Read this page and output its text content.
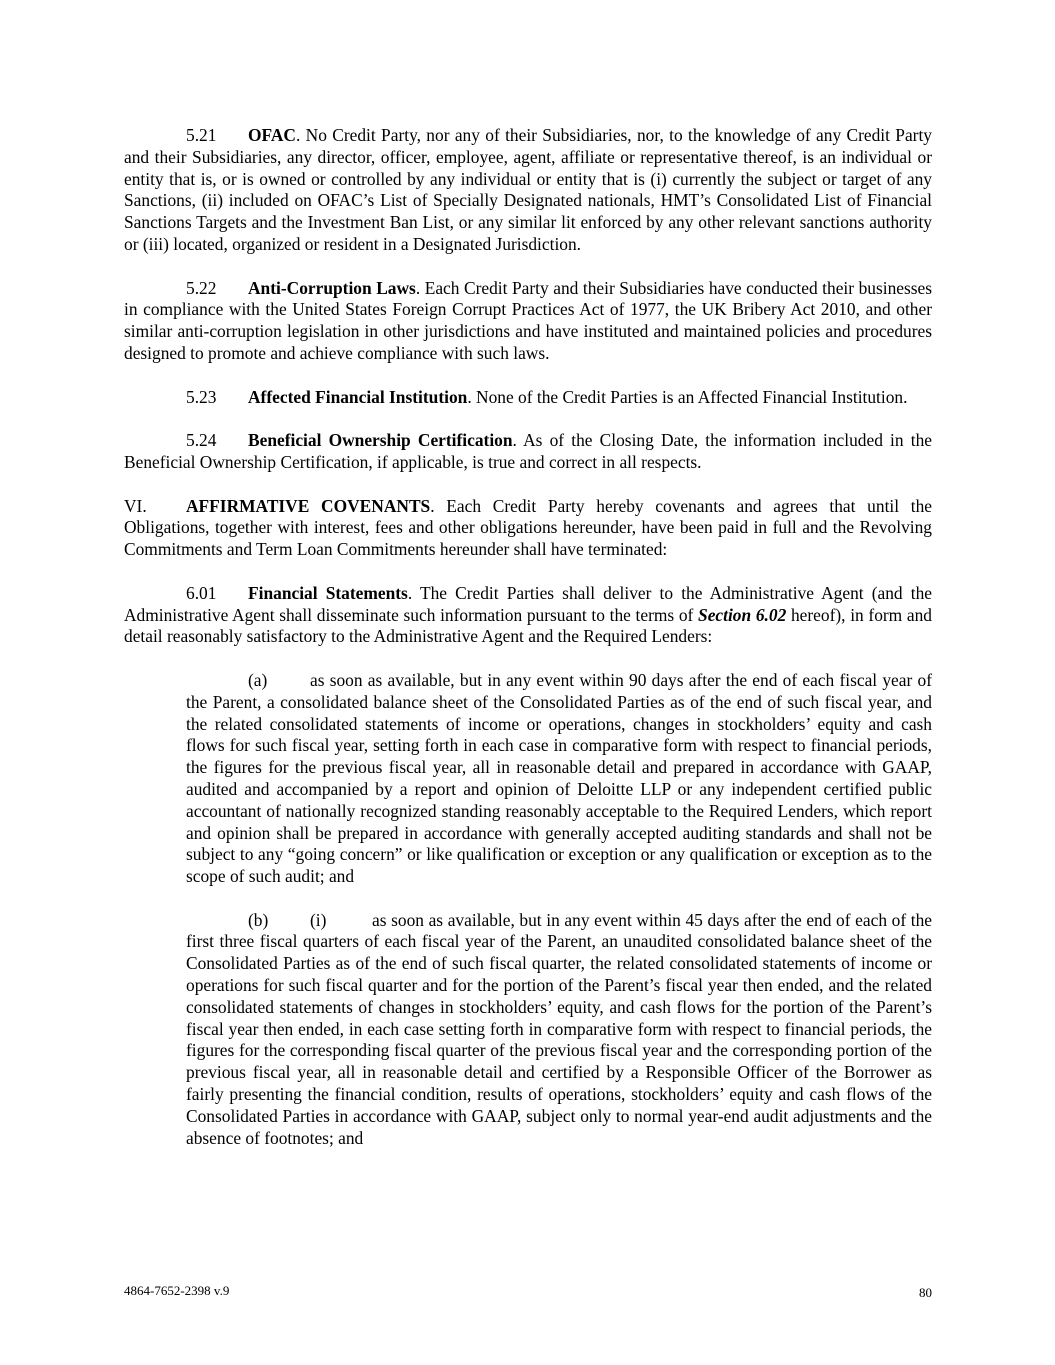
5.21 OFAC. No Credit Party, nor any of their Subsidiaries, nor, to the knowledge of any Credit Party and their Subsidiaries, any director, officer, employee, agent, affiliate or representative thereof, is an individual or entity that is, or is owned or controlled by any individual or entity that is (i) currently the subject or target of any Sanctions, (ii) included on OFAC’s List of Specially Designated nationals, HMT’s Consolidated List of Financial Sanctions Targets and the Investment Ban List, or any similar lit enforced by any other relevant sanctions authority or (iii) located, organized or resident in a Designated Jurisdiction.

5.22 Anti-Corruption Laws. Each Credit Party and their Subsidiaries have conducted their businesses in compliance with the United States Foreign Corrupt Practices Act of 1977, the UK Bribery Act 2010, and other similar anti-corruption legislation in other jurisdictions and have instituted and maintained policies and procedures designed to promote and achieve compliance with such laws.

5.23 Affected Financial Institution. None of the Credit Parties is an Affected Financial Institution.

5.24 Beneficial Ownership Certification. As of the Closing Date, the information included in the Beneficial Ownership Certification, if applicable, is true and correct in all respects.

VI. AFFIRMATIVE COVENANTS. Each Credit Party hereby covenants and agrees that until the Obligations, together with interest, fees and other obligations hereunder, have been paid in full and the Revolving Commitments and Term Loan Commitments hereunder shall have terminated:

6.01 Financial Statements. The Credit Parties shall deliver to the Administrative Agent (and the Administrative Agent shall disseminate such information pursuant to the terms of Section 6.02 hereof), in form and detail reasonably satisfactory to the Administrative Agent and the Required Lenders:

(a) as soon as available, but in any event within 90 days after the end of each fiscal year of the Parent, a consolidated balance sheet of the Consolidated Parties as of the end of such fiscal year, and the related consolidated statements of income or operations, changes in stockholders’ equity and cash flows for such fiscal year, setting forth in each case in comparative form with respect to financial periods, the figures for the previous fiscal year, all in reasonable detail and prepared in accordance with GAAP, audited and accompanied by a report and opinion of Deloitte LLP or any independent certified public accountant of nationally recognized standing reasonably acceptable to the Required Lenders, which report and opinion shall be prepared in accordance with generally accepted auditing standards and shall not be subject to any “going concern” or like qualification or exception or any qualification or exception as to the scope of such audit; and

(b) (i)	as soon as available, but in any event within 45 days after the end of each of the first three fiscal quarters of each fiscal year of the Parent, an unaudited consolidated balance sheet of the Consolidated Parties as of the end of such fiscal quarter, the related consolidated statements of income or operations for such fiscal quarter and for the portion of the Parent’s fiscal year then ended, and the related consolidated statements of changes in stockholders’ equity, and cash flows for the portion of the Parent’s fiscal year then ended, in each case setting forth in comparative form with respect to financial periods, the figures for the corresponding fiscal quarter of the previous fiscal year and the corresponding portion of the previous fiscal year, all in reasonable detail and certified by a Responsible Officer of the Borrower as fairly presenting the financial condition, results of operations, stockholders’ equity and cash flows of the Consolidated Parties in accordance with GAAP, subject only to normal year-end audit adjustments and the absence of footnotes; and

4864-7652-2398 v.9	80
